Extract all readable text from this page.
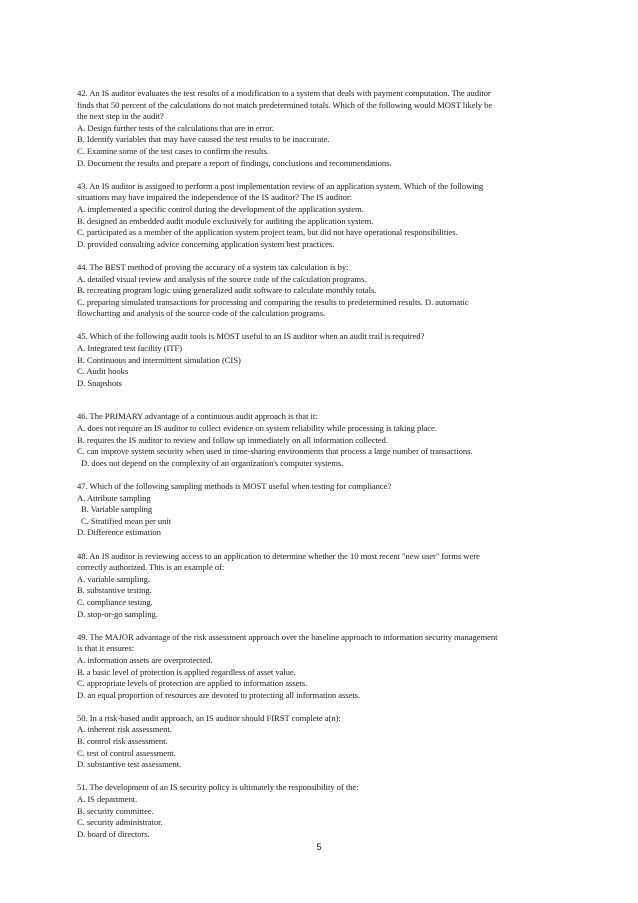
42. An IS auditor evaluates the test results of a modification to a system that deals with payment computation. The auditor
finds that 50 percent of the calculations do not match predetermined totals. Which of the following would MOST likely be
the next step in the audit?
A. Design further tests of the calculations that are in error.
B. Identify variables that may have caused the test results to be inaccurate.
C. Examine some of the test cases to confirm the results.
D. Document the results and prepare a report of findings, conclusions and recommendations.
43. An IS auditor is assigned to perform a post implementation review of an application system. Which of the following
situations may have impaired the independence of the IS auditor? The IS auditor:
A. implemented a specific control during the development of the application system.
B. designed an embedded audit module exclusively for auditing the application system.
C. participated as a member of the application system project team, but did not have operational responsibilities.
D. provided consulting advice concerning application system best practices.
44. The BEST method of proving the accuracy of a system tax calculation is by:
A. detailed visual review and analysis of the source code of the calculation programs.
B. recreating program logic using generalized audit software to calculate monthly totals.
C. preparing simulated transactions for processing and comparing the results to predetermined results. D. automatic
flowcharting and analysis of the source code of the calculation programs.
45. Which of the following audit tools is MOST useful to an IS auditor when an audit trail is required?
A. Integrated test facility (ITF)
B. Continuous and intermittent simulation (CIS)
C. Audit hooks
D. Snapshots
46. The PRIMARY advantage of a continuous audit approach is that it:
A. does not require an IS auditor to collect evidence on system reliability while processing is taking place.
B. requires the IS auditor to review and follow up immediately on all information collected.
C. can improve system security when used in time-sharing environments that process a large number of transactions.
D. does not depend on the complexity of an organization's computer systems.
47. Which of the following sampling methods is MOST useful when testing for compliance?
A. Attribute sampling
B. Variable sampling
C. Stratified mean per unit
D. Difference estimation
48. An IS auditor is reviewing access to an application to determine whether the 10 most recent "new user" forms were
correctly authorized. This is an example of:
A. variable sampling.
B. substantive testing.
C. compliance testing.
D. stop-or-go sampling.
49. The MAJOR advantage of the risk assessment approach over the baseline approach to information security management
is that it ensures:
A. information assets are overprotected.
B. a basic level of protection is applied regardless of asset value.
C. appropriate levels of protection are applied to information assets.
D. an equal proportion of resources are devoted to protecting all information assets.
50. In a risk-based audit approach, an IS auditor should FIRST complete a(n):
A. inherent risk assessment.
B. control risk assessment.
C. test of control assessment.
D. substantive test assessment.
51. The development of an IS security policy is ultimately the responsibility of the:
A. IS department.
B. security committee.
C. security administrator.
D. board of directors.
5
